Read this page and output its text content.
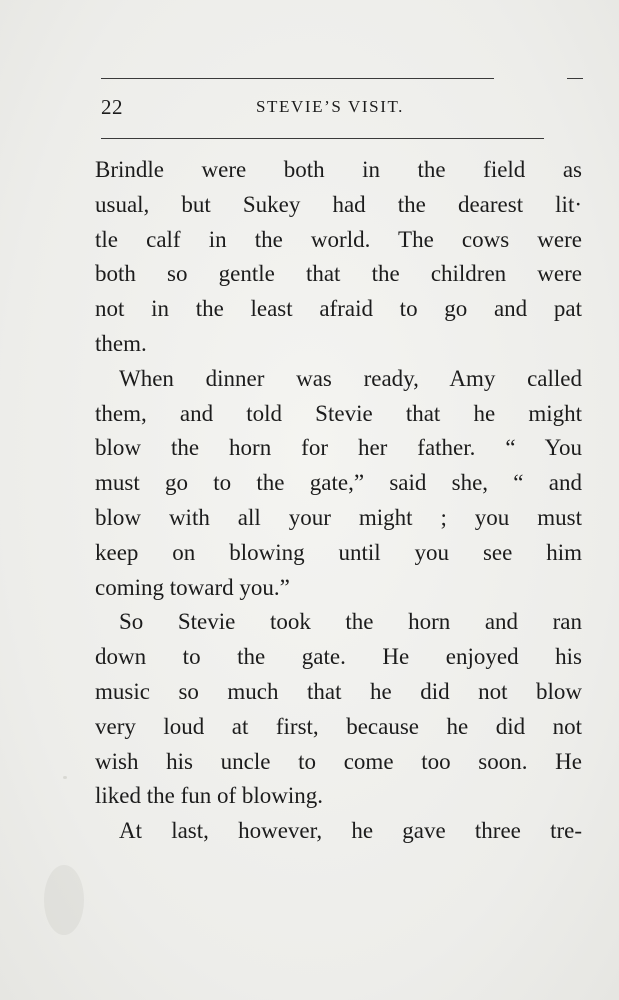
22	STEVIE’S VISIT.
Brindle were both in the field as
usual, but Sukey had the dearest lit·
tle calf in the world. The cows were
both so gentle that the children were
not in the least afraid to go and pat
them.
When dinner was ready, Amy called
them, and told Stevie that he might
blow the horn for her father. “ You
must go to the gate,” said she, “ and
blow with all your might ; you must
keep on blowing until you see him
coming toward you.”
So Stevie took the horn and ran
down to the gate. He enjoyed his
music so much that he did not blow
very loud at first, because he did not
wish his uncle to come too soon. He
liked the fun of blowing.
At last, however, he gave three tre-
